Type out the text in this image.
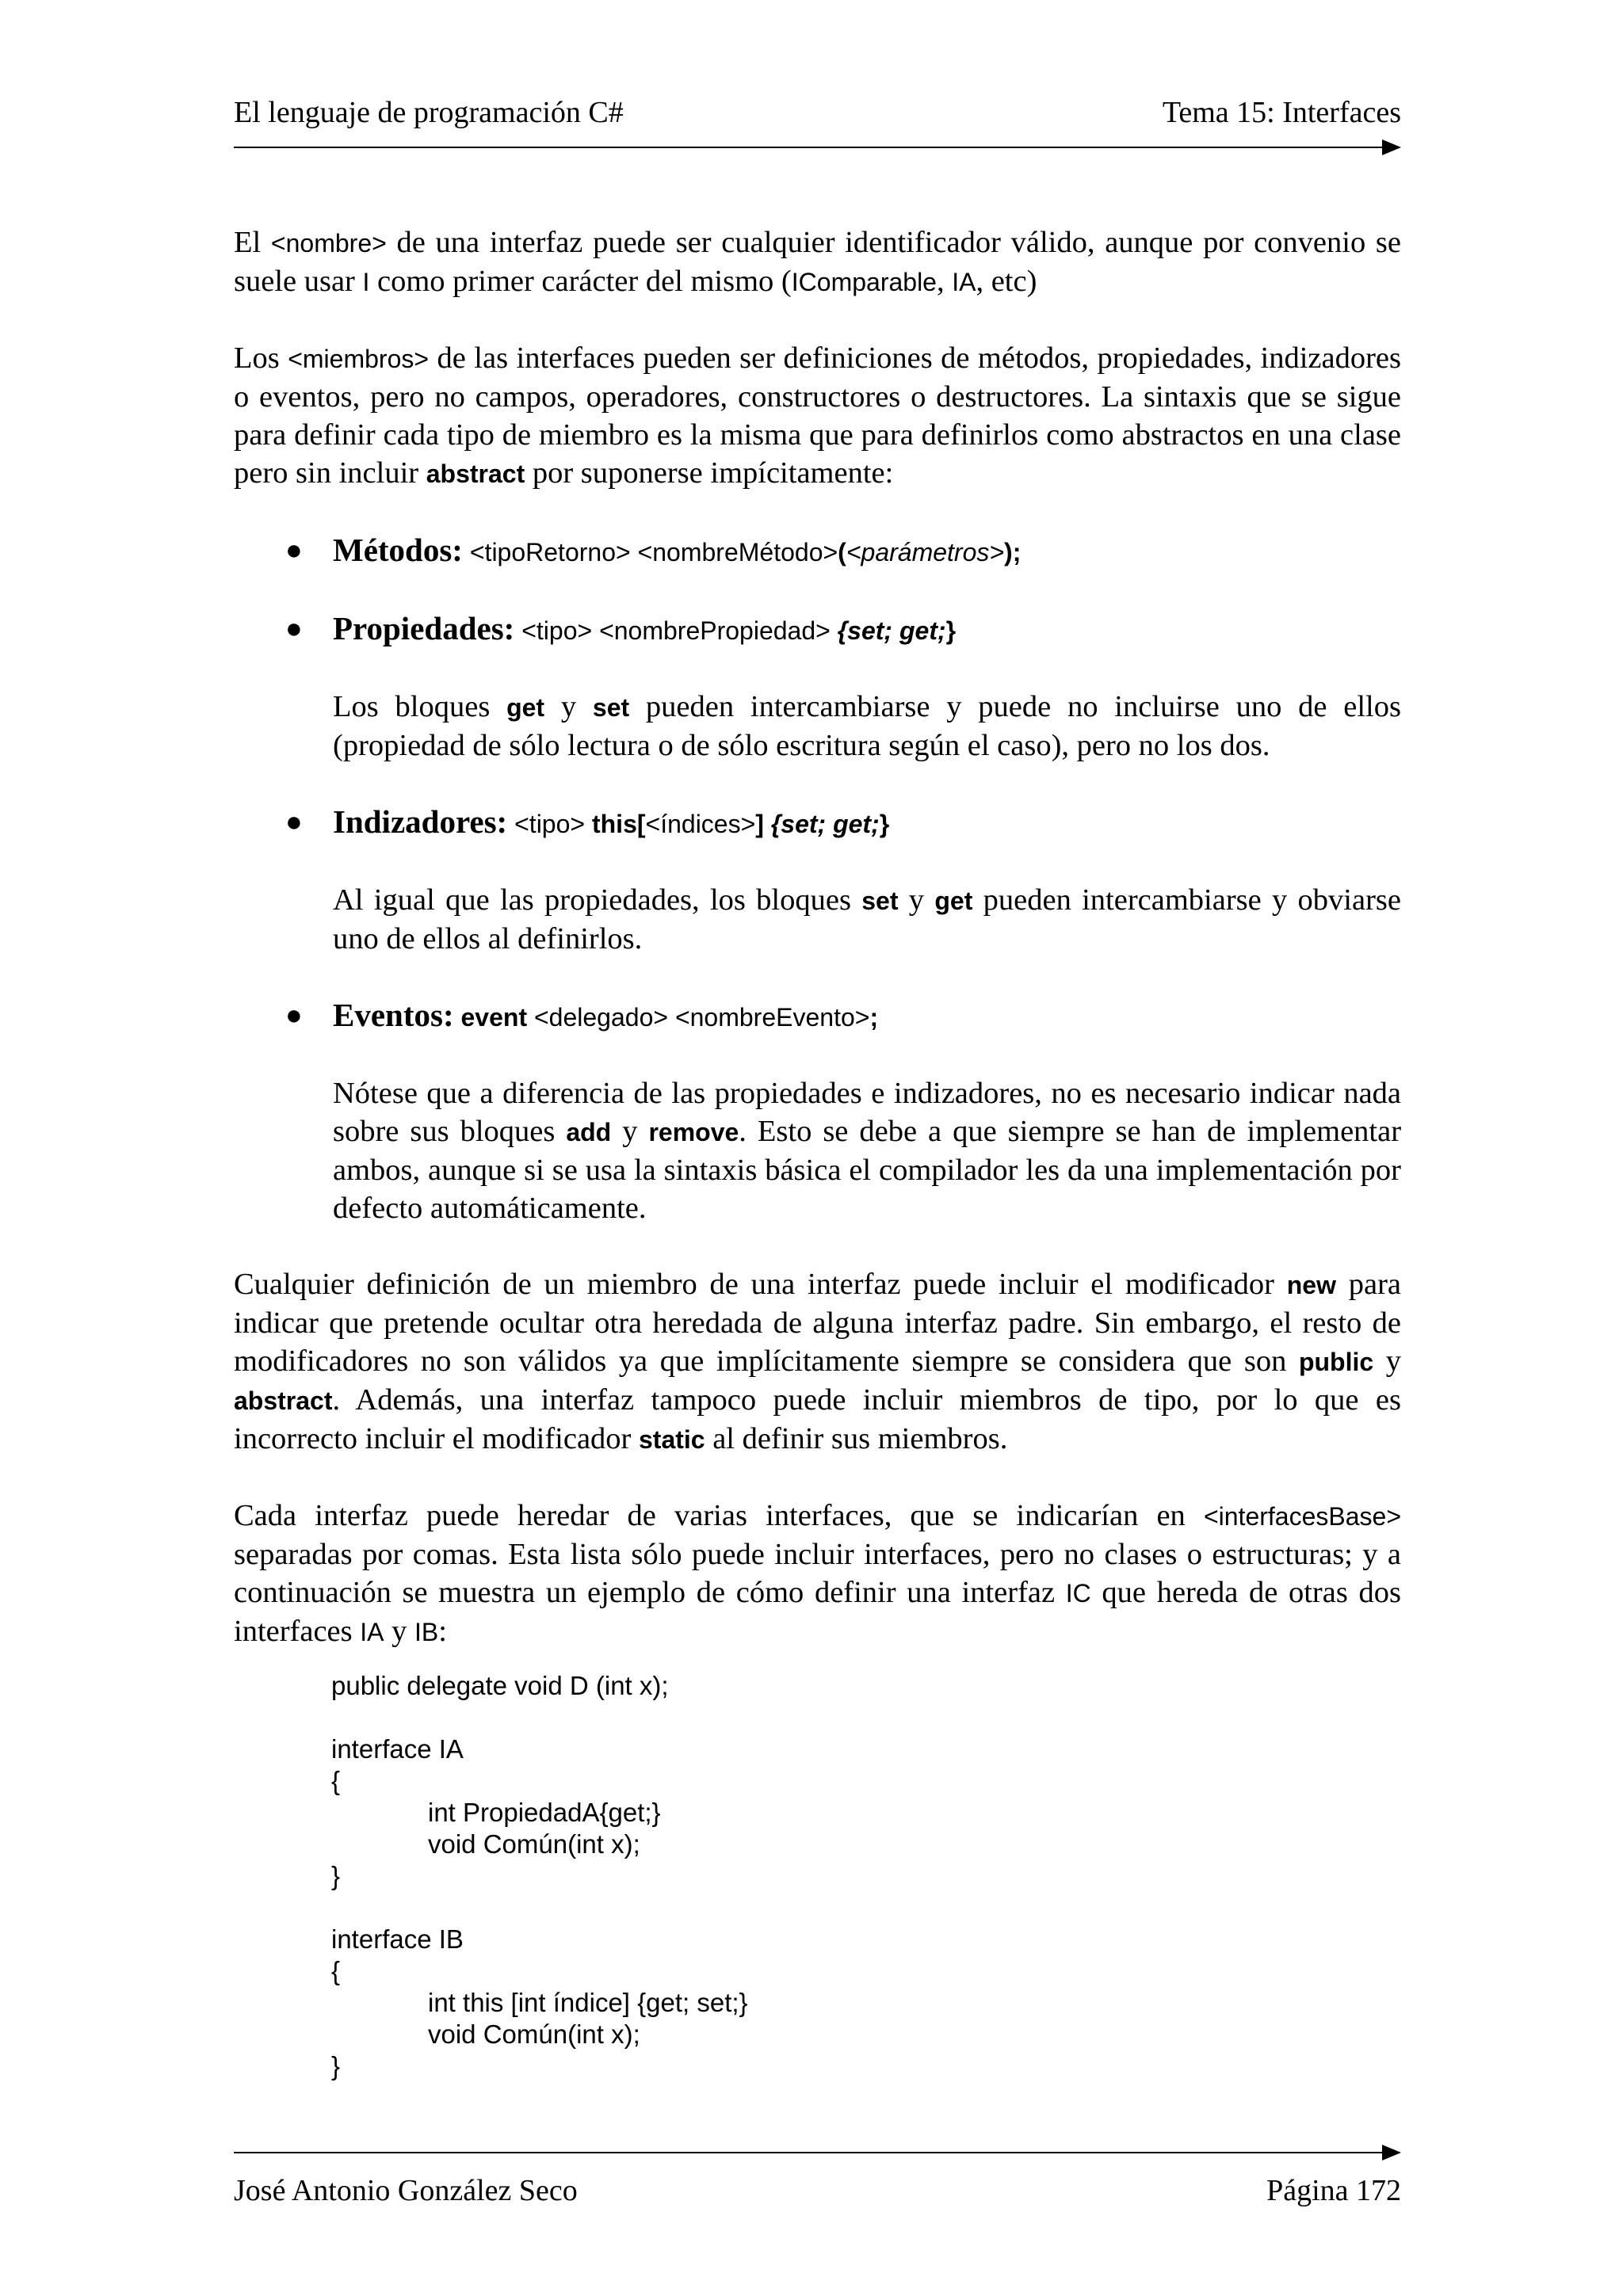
El lenguaje de programación C#	Tema 15: Interfaces

El <nombre> de una interfaz puede ser cualquier identificador válido, aunque por convenio se suele usar I como primer carácter del mismo (IComparable, IA, etc)

Los <miembros> de las interfaces pueden ser definiciones de métodos, propiedades, indizadores o eventos, pero no campos, operadores, constructores o destructores. La sintaxis que se sigue para definir cada tipo de miembro es la misma que para definirlos como abstractos en una clase pero sin incluir abstract por suponerse impícitamente:

● Métodos: <tipoRetorno> <nombreMétodo>(<parámetros>);

● Propiedades: <tipo> <nombrePropiedad> {set; get;}

Los bloques get y set pueden intercambiarse y puede no incluirse uno de ellos (propiedad de sólo lectura o de sólo escritura según el caso), pero no los dos.

● Indizadores: <tipo> this[<índices>] {set; get;}

Al igual que las propiedades, los bloques set y get pueden intercambiarse y obviarse uno de ellos al definirlos.

● Eventos: event <delegado> <nombreEvento>;

Nótese que a diferencia de las propiedades e indizadores, no es necesario indicar nada sobre sus bloques add y remove. Esto se debe a que siempre se han de implementar ambos, aunque si se usa la sintaxis básica el compilador les da una implementación por defecto automáticamente.

Cualquier definición de un miembro de una interfaz puede incluir el modificador new para indicar que pretende ocultar otra heredada de alguna interfaz padre. Sin embargo, el resto de modificadores no son válidos ya que implícitamente siempre se considera que son public y abstract. Además, una interfaz tampoco puede incluir miembros de tipo, por lo que es incorrecto incluir el modificador static al definir sus miembros.

Cada interfaz puede heredar de varias interfaces, que se indicarían en <interfacesBase> separadas por comas. Esta lista sólo puede incluir interfaces, pero no clases o estructuras; y a continuación se muestra un ejemplo de cómo definir una interfaz IC que hereda de otras dos interfaces IA y IB:

public delegate void D (int x);
interface IA
{
int PropiedadA{get;}
void Común(int x);
}
interface IB
{
int this [int índice] {get; set;}
void Común(int x);
}
José Antonio González Seco	Página 172
